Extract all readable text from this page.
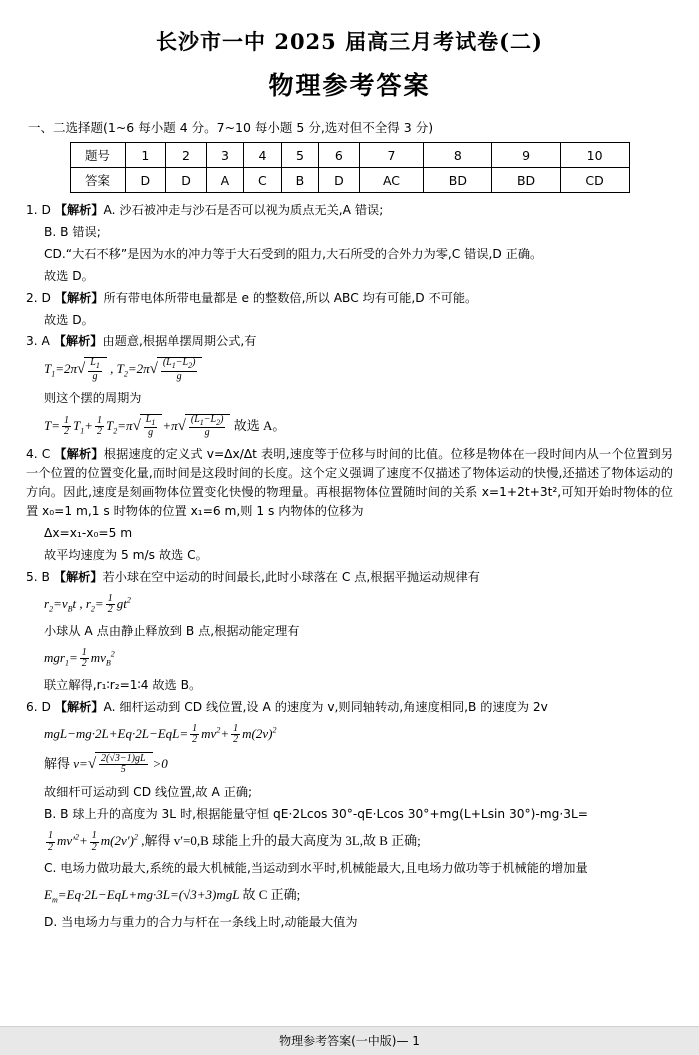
长沙市一中 2025 届高三月考试卷(二)
物理参考答案
一、二选择题(1~6 每小题 4 分。7~10 每小题 5 分,选对但不全得 3 分)
题号	1	2	3	4	5	6	7	8	9	10
答案	D	D	A	C	B	D	AC	BD	BD	CD
1. D 【解析】A. 沙石被冲走与沙石是否可以视为质点无关,A 错误;
B. B 错误;
CD.“大石不移”是因为水的冲力等于大石受到的阻力,大石所受的合外力为零,C 错误,D 正确。
故选 D。
2. D 【解析】所有带电体所带电量都是 e 的整数倍,所以 ABC 均有可能,D 不可能。
故选 D。
3. A 【解析】由题意,根据单摆周期公式,有
$T_1=2\pi√ \frac{L_1}{g}$ , $T_2=2\pi√ \frac{(L_1-L_2)}{g}$
则这个摆的周期为
$T= \frac{1}{2} T_1+ \frac{1}{2} T_2=\pi√ \frac{L_1}{g} +\pi√ \frac{(L_1-L_2)}{g}$ 故选 A。
4. C 【解析】根据速度的定义式 v=Δx/Δt 表明,速度等于位移与时间的比值。位移是物体在一段时间内从一个位置到另一个位置的位置变化量,而时间是这段时间的长度。这个定义强调了速度不仅描述了物体运动的快慢,还描述了物体运动的方向。因此,速度是刻画物体位置变化快慢的物理量。再根据物体位置随时间的关系 x=1+2t+3t²,可知开始时物体的位置 x₀=1 m,1 s 时物体的位置 x₁=6 m,则 1 s 内物体的位移为
Δx=x₁-x₀=5 m
故平均速度为 5 m/s 故选 C。
5. B 【解析】若小球在空中运动的时间最长,此时小球落在 C 点,根据平抛运动规律有
$r_2=v_Bt$ , $r_2= \frac{1}{2} gt^2$
小球从 A 点由静止释放到 B 点,根据动能定理有
$mgr_1= \frac{1}{2} mv_B^2$
联立解得,r₁∶r₂=1∶4 故选 B。
6. D 【解析】A. 细杆运动到 CD 线位置,设 A 的速度为 v,则同轴转动,角速度相同,B 的速度为 2v
$mgL-mg\cdot 2L+Eq\cdot 2L-EqL= \frac{1}{2} mv^2+ \frac{1}{2} m(2v)^2$
解得 $v=√ \frac{2(√3-1)gL}{5} >0$
故细杆可运动到 CD 线位置,故 A 正确;
B. B 球上升的高度为 3L 时,根据能量守恒 qE·2Lcos 30°-qE·Lcos 30°+mg(L+Lsin 30°)-mg·3L=
$\frac{1}{2} mv'^2+ \frac{1}{2} m(2v')^2$ ,解得 v′=0,B 球能上升的最大高度为 3L,故 B 正确;
C. 电场力做功最大,系统的最大机械能,当运动到水平时,机械能最大,且电场力做功等于机械能的增加量
$E_m=Eq\cdot 2L-EqL+mg\cdot 3L=(√3+3)mgL$ 故 C 正确;
D. 当电场力与重力的合力与杆在一条线上时,动能最大值为
物理参考答案(一中版)— 1
